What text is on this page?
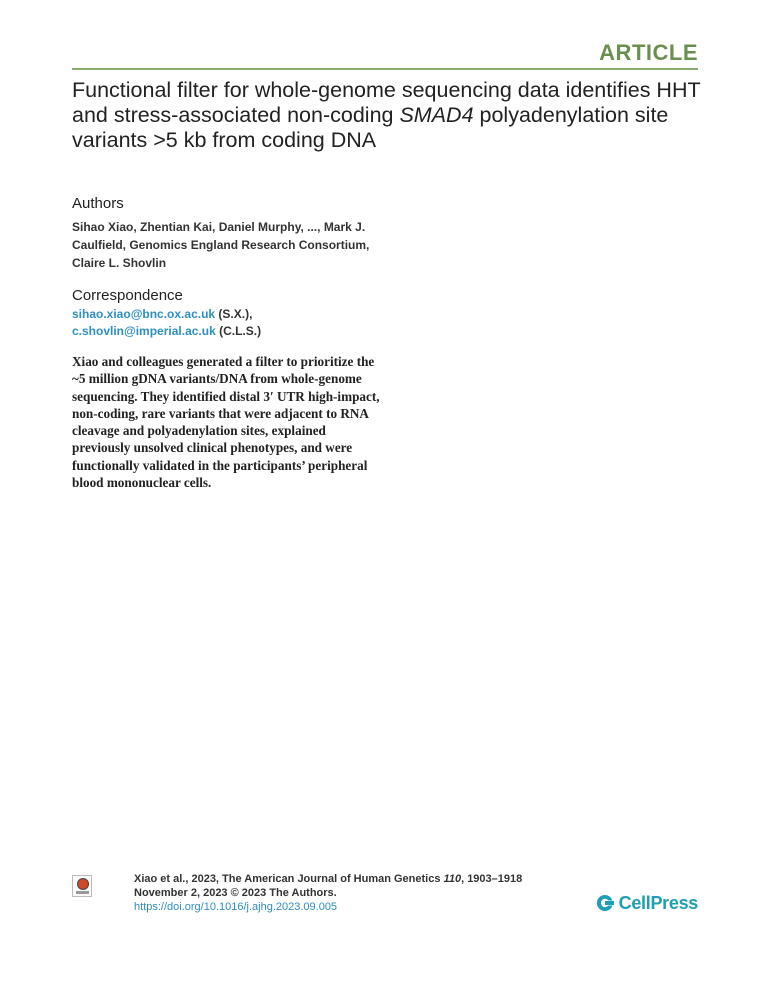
ARTICLE
Functional filter for whole-genome sequencing data identifies HHT and stress-associated non-coding SMAD4 polyadenylation site variants >5 kb from coding DNA
Authors
Sihao Xiao, Zhentian Kai, Daniel Murphy, ..., Mark J. Caulfield, Genomics England Research Consortium, Claire L. Shovlin
Correspondence
sihao.xiao@bnc.ox.ac.uk (S.X.),
c.shovlin@imperial.ac.uk (C.L.S.)
Xiao and colleagues generated a filter to prioritize the ~5 million gDNA variants/DNA from whole-genome sequencing. They identified distal 3′ UTR high-impact, non-coding, rare variants that were adjacent to RNA cleavage and polyadenylation sites, explained previously unsolved clinical phenotypes, and were functionally validated in the participants’ peripheral blood mononuclear cells.
Xiao et al., 2023, The American Journal of Human Genetics 110, 1903–1918
November 2, 2023 © 2023 The Authors.
https://doi.org/10.1016/j.ajhg.2023.09.005	CellPress
